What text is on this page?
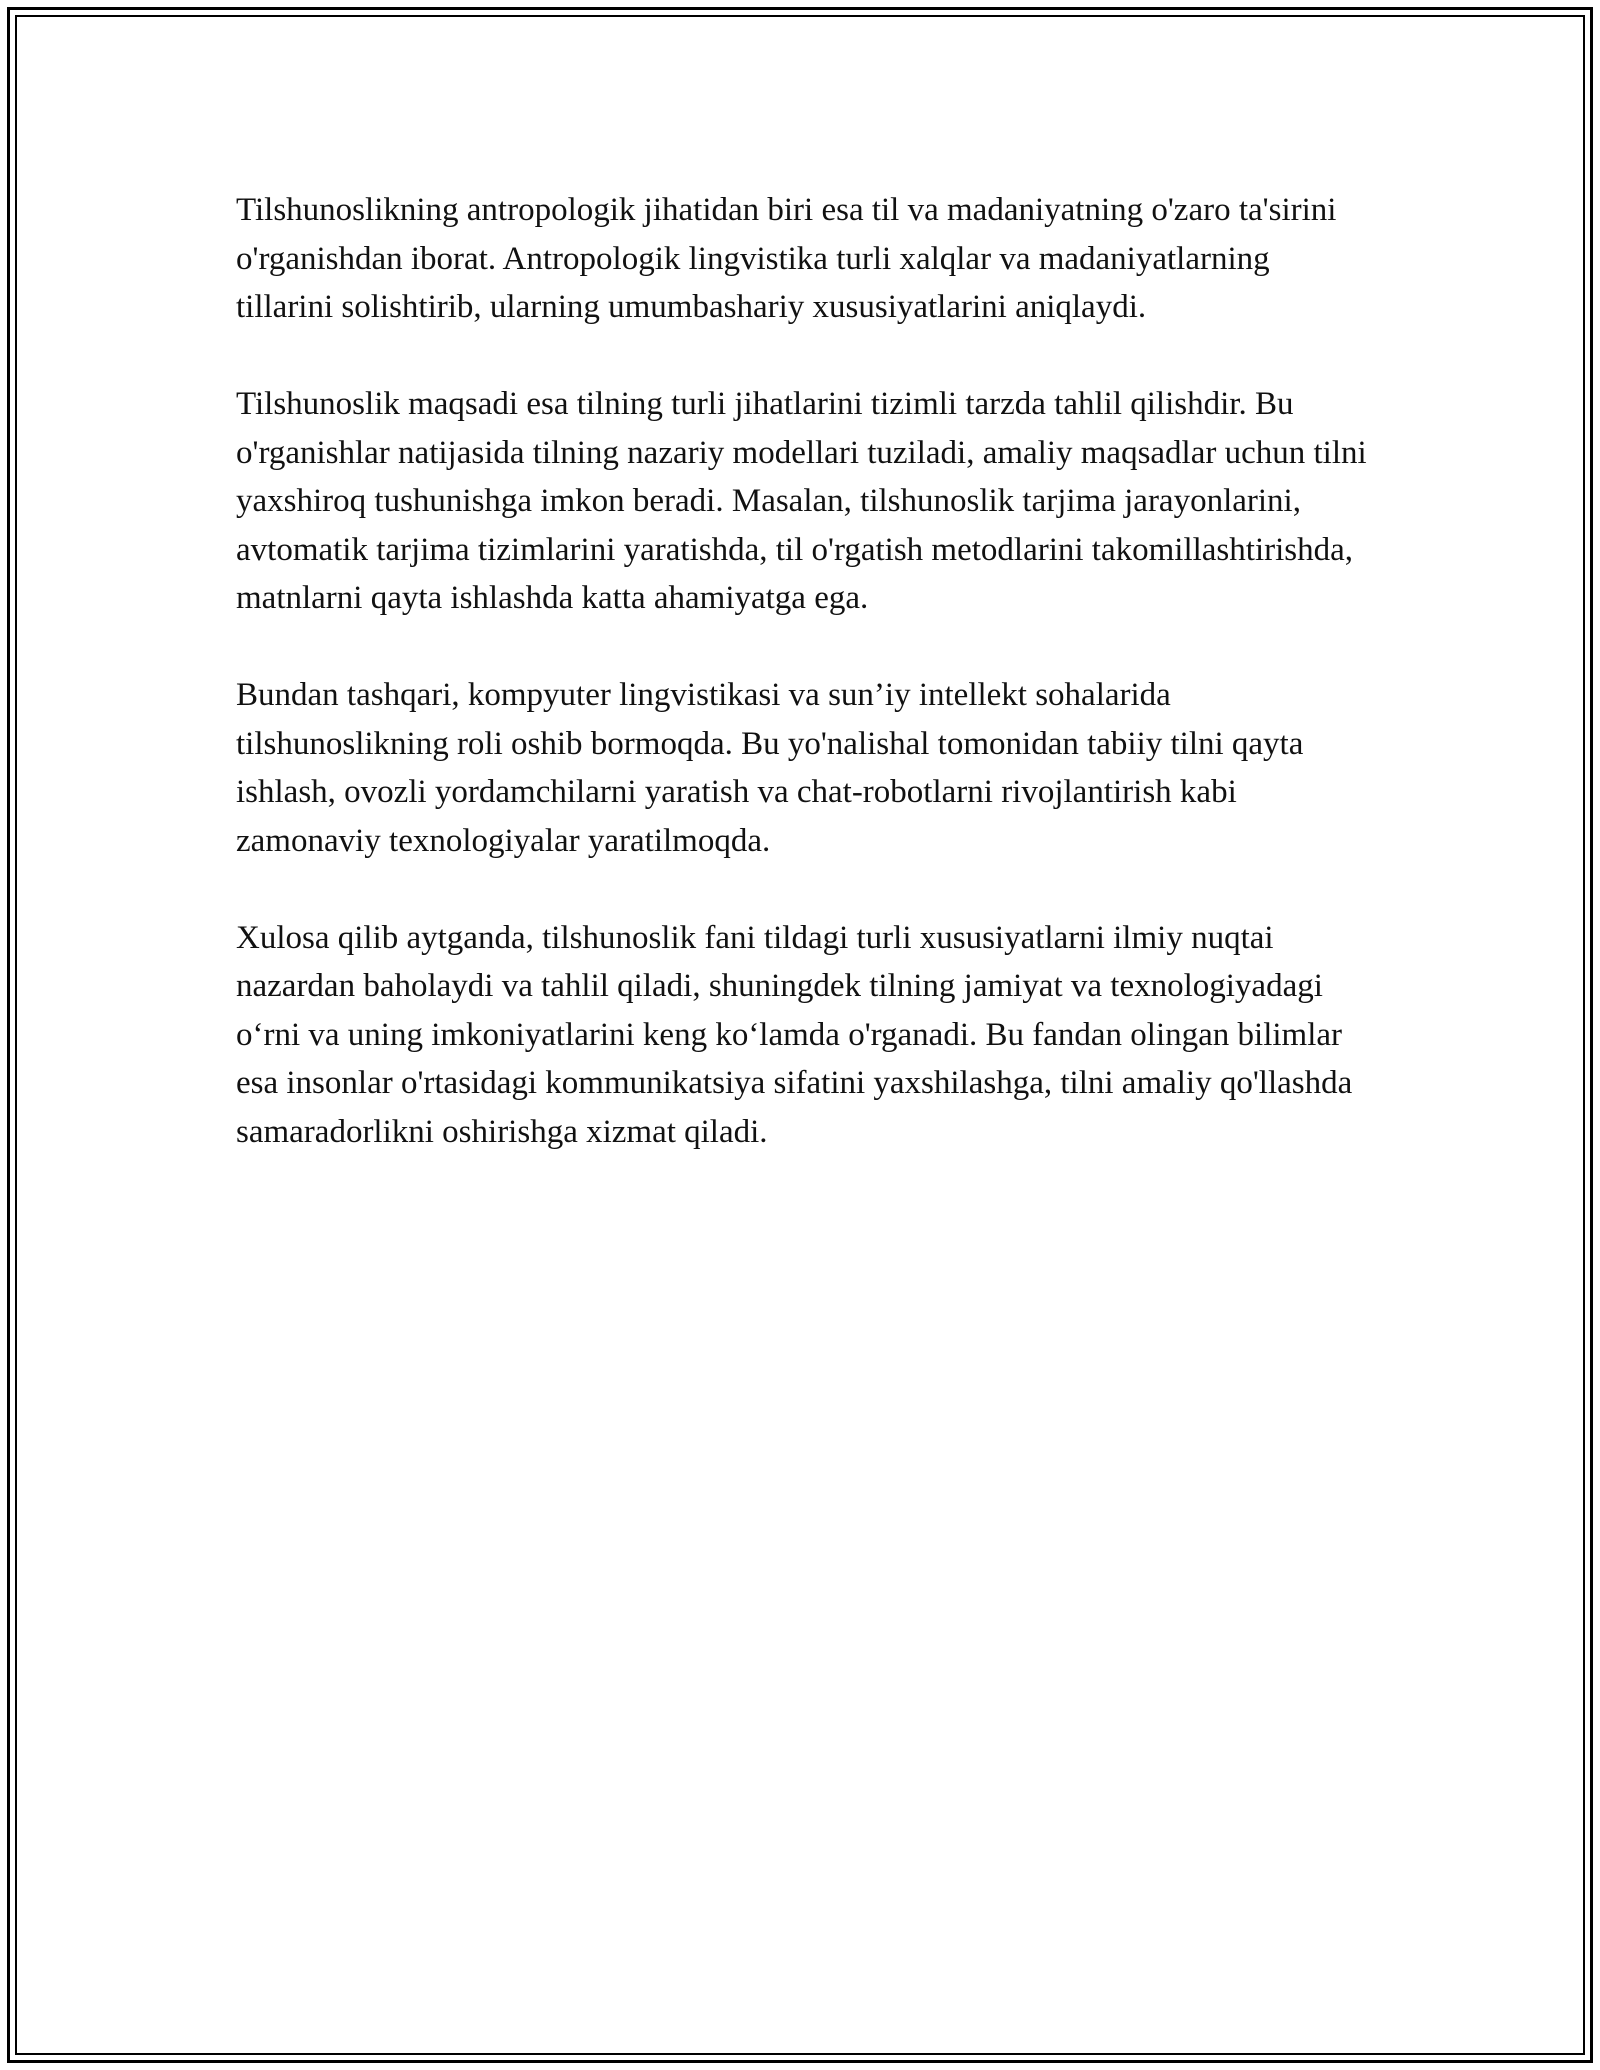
Tilshunoslikning antropologik jihatidan biri esa til va madaniyatning o'zaro ta'sirini o'rganishdan iborat. Antropologik lingvistika turli xalqlar va madaniyatlarning tillarini solishtirib, ularning umumbashariy xususiyatlarini aniqlaydi.

Tilshunoslik maqsadi esa tilning turli jihatlarini tizimli tarzda tahlil qilishdir. Bu o'rganishlar natijasida tilning nazariy modellari tuziladi, amaliy maqsadlar uchun tilni yaxshiroq tushunishga imkon beradi. Masalan, tilshunoslik tarjima jarayonlarini, avtomatik tarjima tizimlarini yaratishda, til o'rgatish metodlarini takomillashtirishda, matnlarni qayta ishlashda katta ahamiyatga ega.

Bundan tashqari, kompyuter lingvistikasi va sun’iy intellekt sohalarida tilshunoslikning roli oshib bormoqda. Bu yo'nalishal tomonidan tabiiy tilni qayta ishlash, ovozli yordamchilarni yaratish va chat-robotlarni rivojlantirish kabi zamonaviy texnologiyalar yaratilmoqda.

Xulosa qilib aytganda, tilshunoslik fani tildagi turli xususiyatlarni ilmiy nuqtai nazardan baholaydi va tahlil qiladi, shuningdek tilning jamiyat va texnologiyadagi oʻrni va uning imkoniyatlarini keng koʻlamda o'rganadi. Bu fandan olingan bilimlar esa insonlar o'rtasidagi kommunikatsiya sifatini yaxshilashga, tilni amaliy qo'llashda samaradorlikni oshirishga xizmat qiladi.
